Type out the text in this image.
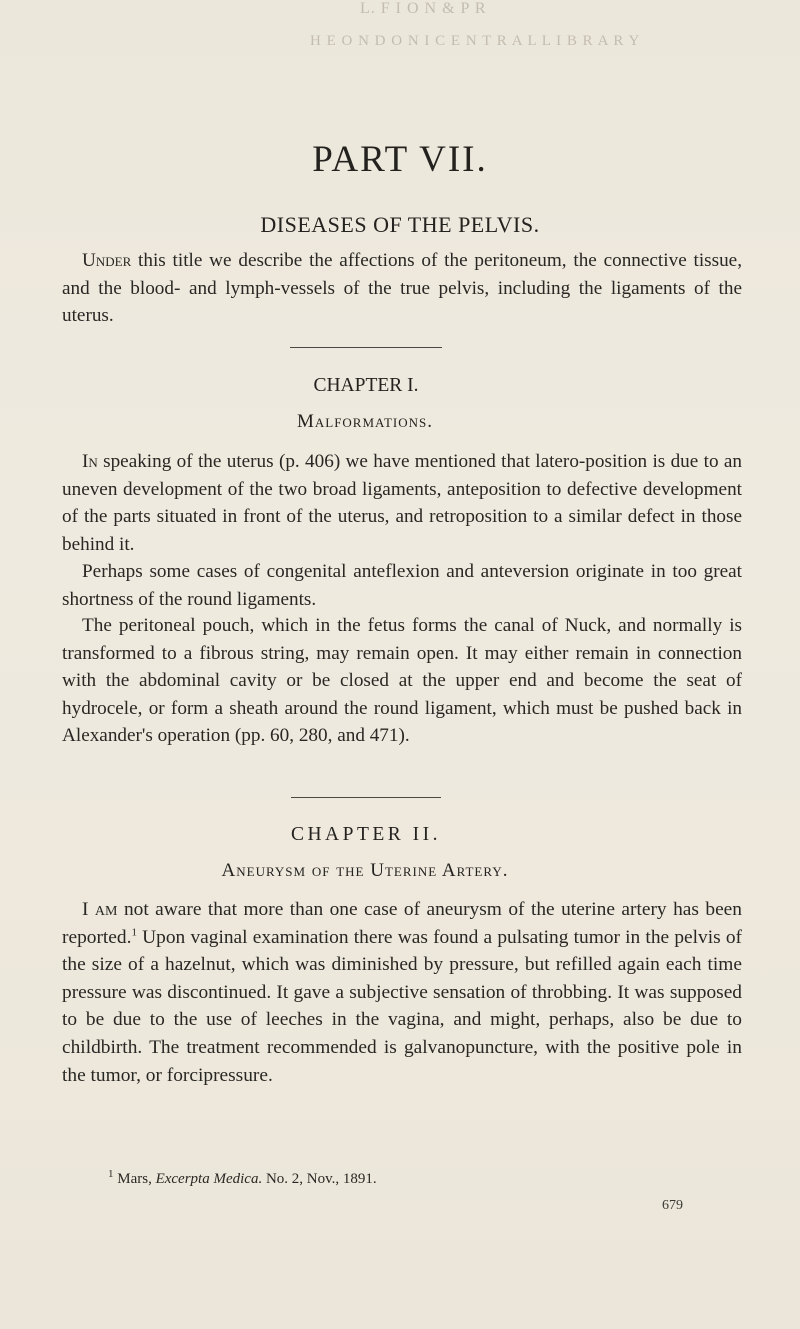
L. F I O N & P R
H E O N D O N I C E N T R A L L I B R A R Y
PART VII.
DISEASES OF THE PELVIS.

Under this title we describe the affections of the peritoneum, the connective tissue, and the blood- and lymph-vessels of the true pelvis, including the ligaments of the uterus.

CHAPTER I.
Malformations.

In speaking of the uterus (p. 406) we have mentioned that latero-position is due to an uneven development of the two broad ligaments, anteposition to defective development of the parts situated in front of the uterus, and retroposition to a similar defect in those behind it.

Perhaps some cases of congenital anteflexion and anteversion originate in too great shortness of the round ligaments.

The peritoneal pouch, which in the fetus forms the canal of Nuck, and normally is transformed to a fibrous string, may remain open. It may either remain in connection with the abdominal cavity or be closed at the upper end and become the seat of hydrocele, or form a sheath around the round ligament, which must be pushed back in Alexander's operation (pp. 60, 280, and 471).

CHAPTER II.
Aneurysm of the Uterine Artery.

I am not aware that more than one case of aneurysm of the uterine artery has been reported.$^1$ Upon vaginal examination there was found a pulsating tumor in the pelvis of the size of a hazelnut, which was diminished by pressure, but refilled again each time pressure was discontinued. It gave a subjective sensation of throbbing. It was supposed to be due to the use of leeches in the vagina, and might, perhaps, also be due to childbirth. The treatment recommended is galvanopuncture, with the positive pole in the tumor, or forcipressure.

$^1$ Mars, Excerpta Medica. No. 2, Nov., 1891.
679
